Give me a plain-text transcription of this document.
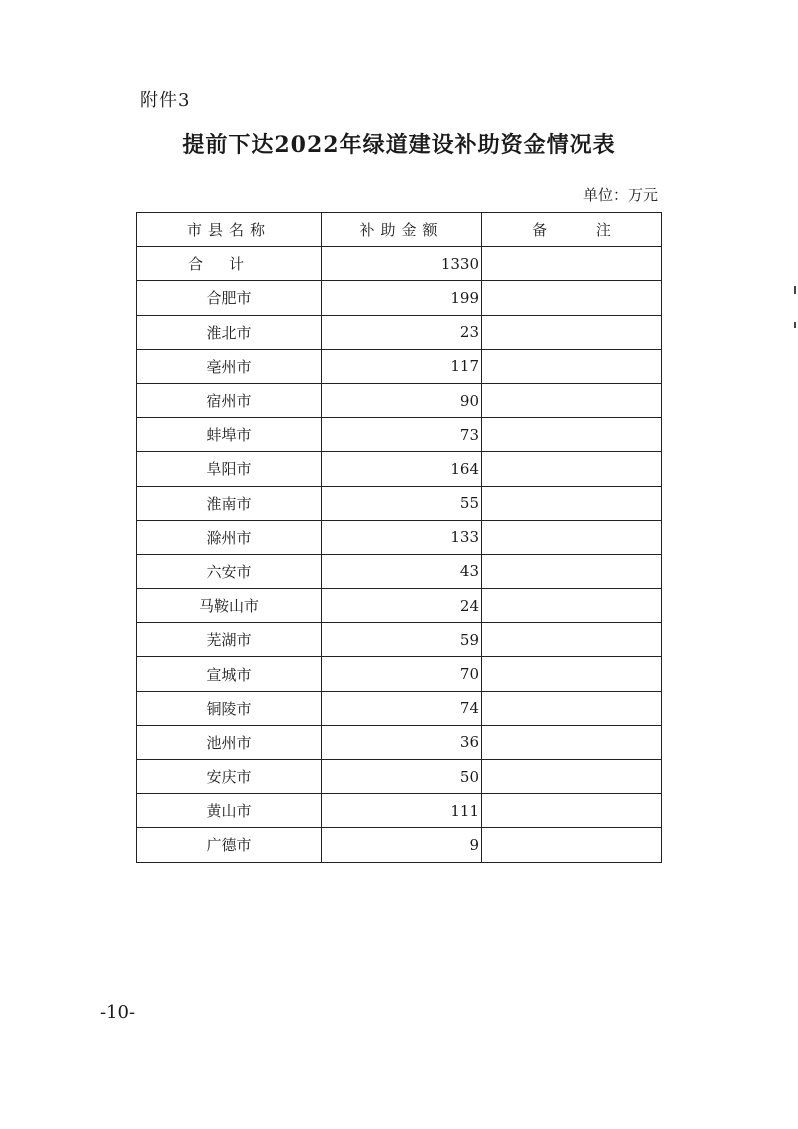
附件3
提前下达2022年绿道建设补助资金情况表
单位：万元
市县名称	补助金额	备 注
合计	1330	
合肥市	199	
淮北市	23	
亳州市	117	
宿州市	90	
蚌埠市	73	
阜阳市	164	
淮南市	55	
滁州市	133	
六安市	43	
马鞍山市	24	
芜湖市	59	
宣城市	70	
铜陵市	74	
池州市	36	
安庆市	50	
黄山市	111	
广德市	9	
-10-
